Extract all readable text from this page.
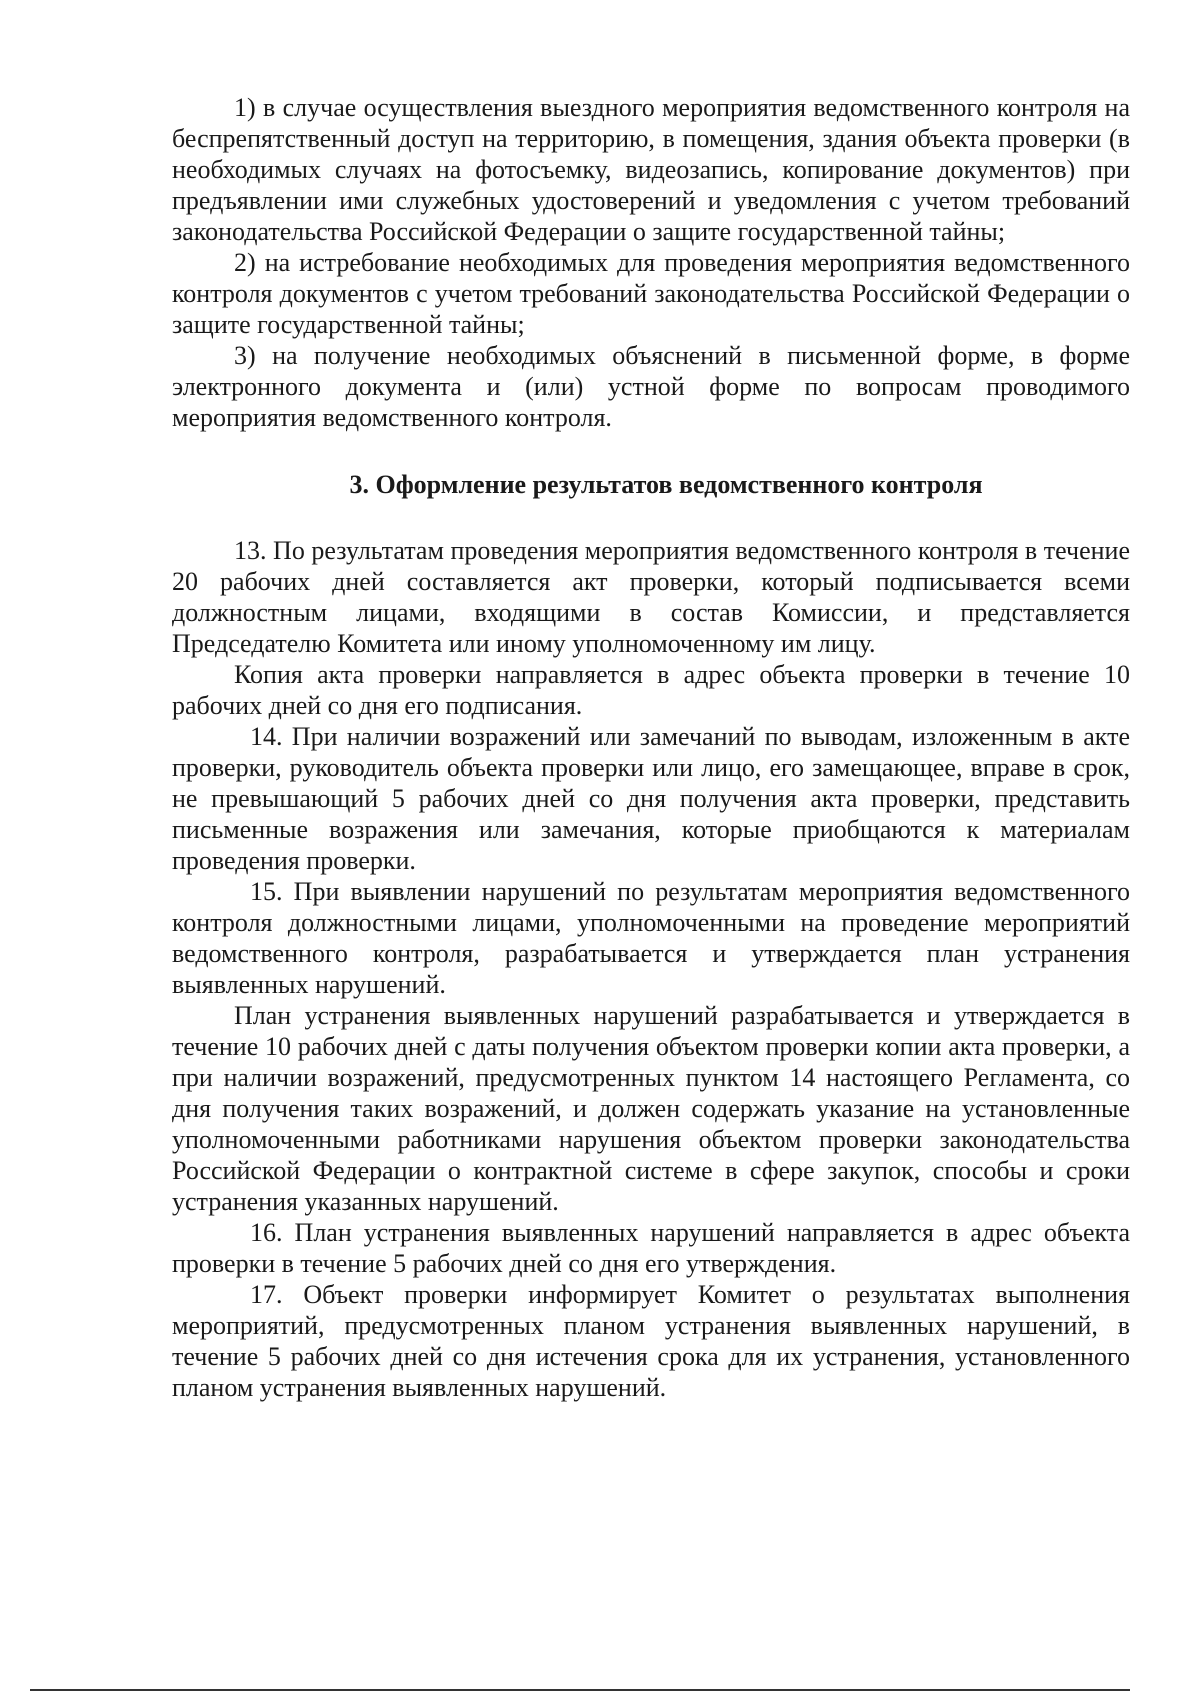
1) в случае осуществления выездного мероприятия ведомственного контроля на беспрепятственный доступ на территорию, в помещения, здания объекта проверки (в необходимых случаях на фотосъемку, видеозапись, копирование документов) при предъявлении ими служебных удостоверений и уведомления с учетом требований законодательства Российской Федерации о защите государственной тайны;

2) на истребование необходимых для проведения мероприятия ведомственного контроля документов с учетом требований законодательства Российской Федерации о защите государственной тайны;

3) на получение необходимых объяснений в письменной форме, в форме электронного документа и (или) устной форме по вопросам проводимого мероприятия ведомственного контроля.

3. Оформление результатов ведомственного контроля

13. По результатам проведения мероприятия ведомственного контроля в течение 20 рабочих дней составляется акт проверки, который подписывается всеми должностным лицами, входящими в состав Комиссии, и представляется Председателю Комитета или иному уполномоченному им лицу.

Копия акта проверки направляется в адрес объекта проверки в течение 10 рабочих дней со дня его подписания.

14. При наличии возражений или замечаний по выводам, изложенным в акте проверки, руководитель объекта проверки или лицо, его замещающее, вправе в срок, не превышающий 5 рабочих дней со дня получения акта проверки, представить письменные возражения или замечания, которые приобщаются к материалам проведения проверки.

15. При выявлении нарушений по результатам мероприятия ведомственного контроля должностными лицами, уполномоченными на проведение мероприятий ведомственного контроля, разрабатывается и утверждается план устранения выявленных нарушений.

План устранения выявленных нарушений разрабатывается и утверждается в течение 10 рабочих дней с даты получения объектом проверки копии акта проверки, а при наличии возражений, предусмотренных пунктом 14 настоящего Регламента, со дня получения таких возражений, и должен содержать указание на установленные уполномоченными работниками нарушения объектом проверки законодательства Российской Федерации о контрактной системе в сфере закупок, способы и сроки устранения указанных нарушений.

16. План устранения выявленных нарушений направляется в адрес объекта проверки в течение 5 рабочих дней со дня его утверждения.

17. Объект проверки информирует Комитет о результатах выполнения мероприятий, предусмотренных планом устранения выявленных нарушений, в течение 5 рабочих дней со дня истечения срока для их устранения, установленного планом устранения выявленных нарушений.
